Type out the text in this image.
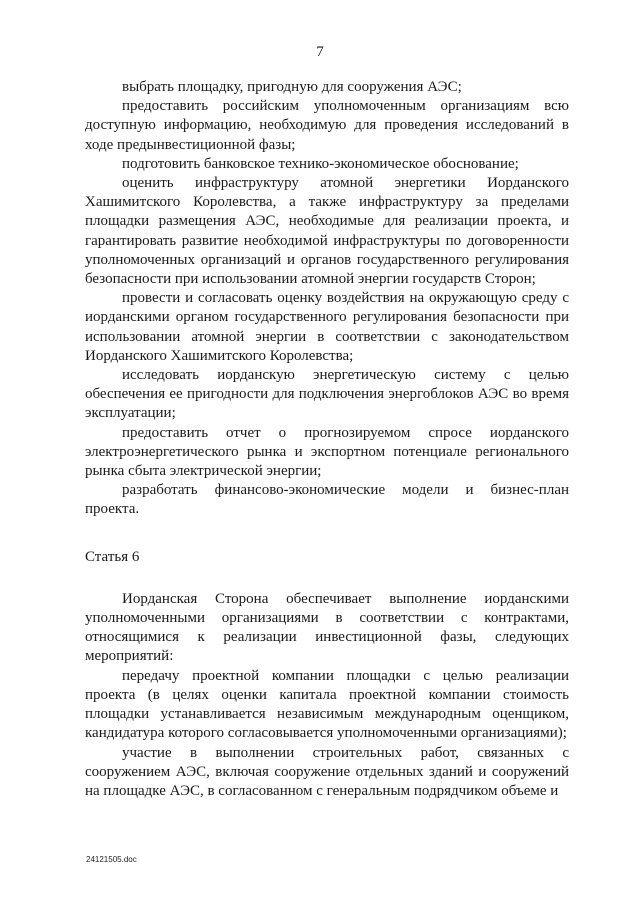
7

выбрать площадку, пригодную для сооружения АЭС;

предоставить российским уполномоченным организациям всю доступную информацию, необходимую для проведения исследований в ходе предынвестиционной фазы;

подготовить банковское технико-экономическое обоснование;

оценить инфраструктуру атомной энергетики Иорданского Хашимитского Королевства, а также инфраструктуру за пределами площадки размещения АЭС, необходимые для реализации проекта, и гарантировать развитие необходимой инфраструктуры по договоренности уполномоченных организаций и органов государственного регулирования безопасности при использовании атомной энергии государств Сторон;

провести и согласовать оценку воздействия на окружающую среду с иорданскими органом государственного регулирования безопасности при использовании атомной энергии в соответствии с законодательством Иорданского Хашимитского Королевства;

исследовать иорданскую энергетическую систему с целью обеспечения ее пригодности для подключения энергоблоков АЭС во время эксплуатации;

предоставить отчет о прогнозируемом спросе иорданского электроэнергетического рынка и экспортном потенциале регионального рынка сбыта электрической энергии;

разработать финансово-экономические модели и бизнес-план проекта.

Статья 6

Иорданская Сторона обеспечивает выполнение иорданскими уполномоченными организациями в соответствии с контрактами, относящимися к реализации инвестиционной фазы, следующих мероприятий:

передачу проектной компании площадки с целью реализации проекта (в целях оценки капитала проектной компании стоимость площадки устанавливается независимым международным оценщиком, кандидатура которого согласовывается уполномоченными организациями);

участие в выполнении строительных работ, связанных с сооружением АЭС, включая сооружение отдельных зданий и сооружений на площадке АЭС, в согласованном с генеральным подрядчиком объеме и

24121505.doc
